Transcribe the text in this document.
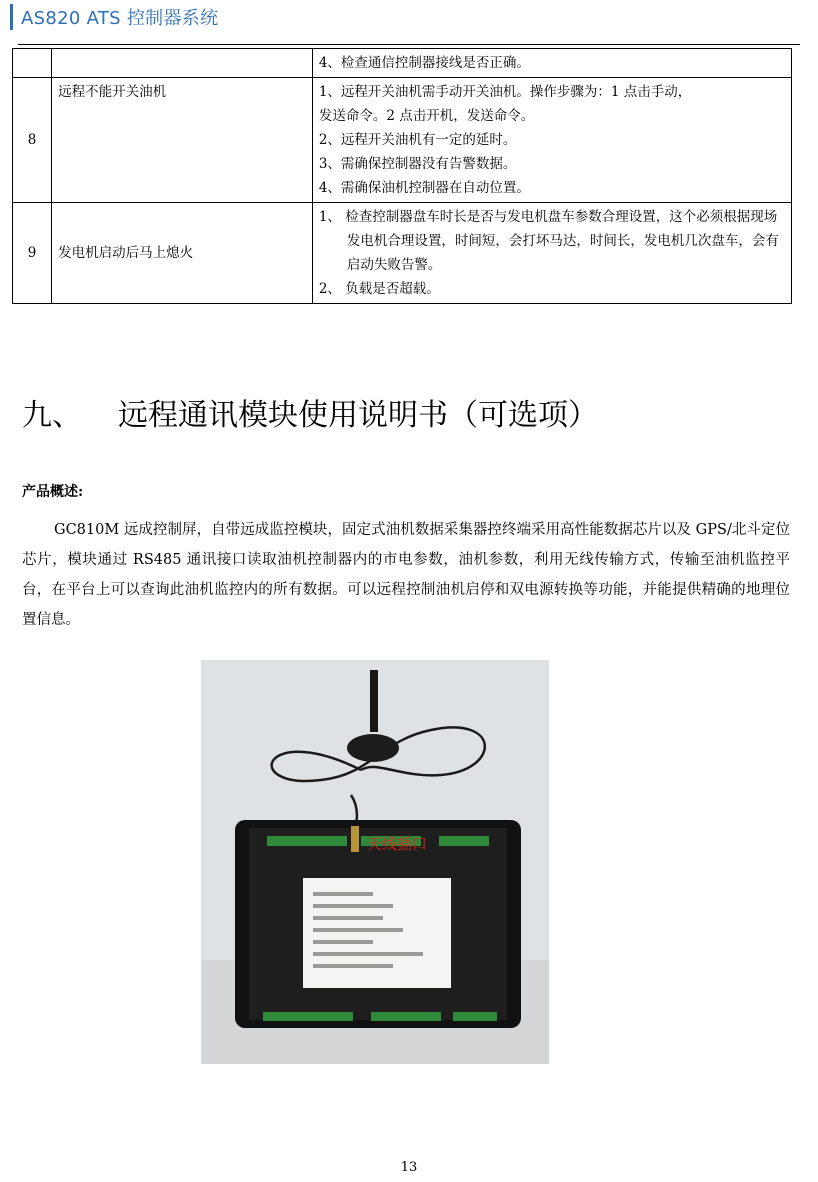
AS820 ATS 控制器系统

		4、检查通信控制器接线是否正确。

8	远程不能开关油机	1、远程开关油机需手动开关油机。操作步骤为：1 点击手动，
发送命令。2 点击开机，发送命令。
2、远程开关油机有一定的延时。
3、需确保控制器没有告警数据。
4、需确保油机控制器在自动位置。

9	发电机启动后马上熄火	1、 检查控制器盘车时长是否与发电机盘车参数合理设置，这个必须根据现场发电机合理设置，时间短，会打坏马达，时间长，发电机几次盘车，会有启动失败告警。
2、 负载是否超载。
九、	远程通讯模块使用说明书（可选项）
产品概述:
GC810M 远成控制屏，自带远成监控模块，固定式油机数据采集器控终端采用高性能数据芯片以及 GPS/北斗定位芯片，模块通过 RS485 通讯接口读取油机控制器内的市电参数，油机参数，利用无线传输方式，传输至油机监控平台，在平台上可以查询此油机监控内的所有数据。可以远程控制油机启停和双电源转换等功能，并能提供精确的地理位置信息。
天线插口
13
